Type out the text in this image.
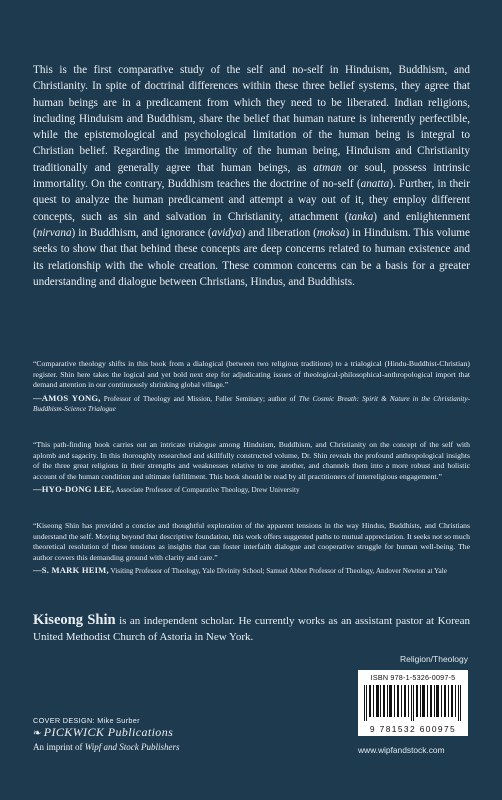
This is the first comparative study of the self and no-self in Hinduism, Buddhism, and Christianity. In spite of doctrinal differences within these three belief systems, they agree that human beings are in a predicament from which they need to be liberated. Indian religions, including Hinduism and Buddhism, share the belief that human nature is inherently perfectible, while the epistemological and psychological limitation of the human being is integral to Christian belief. Regarding the immortality of the human being, Hinduism and Christianity traditionally and generally agree that human beings, as atman or soul, possess intrinsic immortality. On the contrary, Buddhism teaches the doctrine of no-self (anatta). Further, in their quest to analyze the human predicament and attempt a way out of it, they employ different concepts, such as sin and salvation in Christianity, attachment (tanka) and enlightenment (nirvana) in Buddhism, and ignorance (avidya) and liberation (moksa) in Hinduism. This volume seeks to show that that behind these concepts are deep concerns related to human existence and its relationship with the whole creation. These common concerns can be a basis for a greater understanding and dialogue between Christians, Hindus, and Buddhists.
“Comparative theology shifts in this book from a dialogical (between two religious traditions) to a trialogical (Hindu-Buddhist-Christian) register. Shin here takes the logical and yet bold next step for adjudicating issues of theological-philosophical-anthropological import that demand attention in our continuously shrinking global village.”
—AMOS YONG, Professor of Theology and Mission, Fuller Seminary; author of The Cosmic Breath: Spirit & Nature in the Christianity-Buddhism-Science Trialogue
“This path-finding book carries out an intricate trialogue among Hinduism, Buddhism, and Christianity on the concept of the self with aplomb and sagacity. In this thoroughly researched and skillfully constructed volume, Dr. Shin reveals the profound anthropological insights of the three great religions in their strengths and weaknesses relative to one another, and channels them into a more robust and holistic account of the human condition and ultimate fulfillment. This book should be read by all practitioners of interreligious engagement.”
—HYO-DONG LEE, Associate Professor of Comparative Theology, Drew University
“Kiseong Shin has provided a concise and thoughtful exploration of the apparent tensions in the way Hindus, Buddhists, and Christians understand the self. Moving beyond that descriptive foundation, this work offers suggested paths to mutual appreciation. It seeks not so much theoretical resolution of these tensions as insights that can foster interfaith dialogue and cooperative struggle for human well-being. The author covers this demanding ground with clarity and care.”
—S. MARK HEIM, Visiting Professor of Theology, Yale Divinity School; Samuel Abbot Professor of Theology, Andover Newton at Yale
Kiseong Shin is an independent scholar. He currently works as an assistant pastor at Korean United Methodist Church of Astoria in New York.
Religion/Theology
ISBN 978-1-5326-0097-5
9 781532 600975
www.wipfandstock.com
COVER DESIGN: Mike Surber
❧ PICKWICK Publications
An imprint of Wipf and Stock Publishers
